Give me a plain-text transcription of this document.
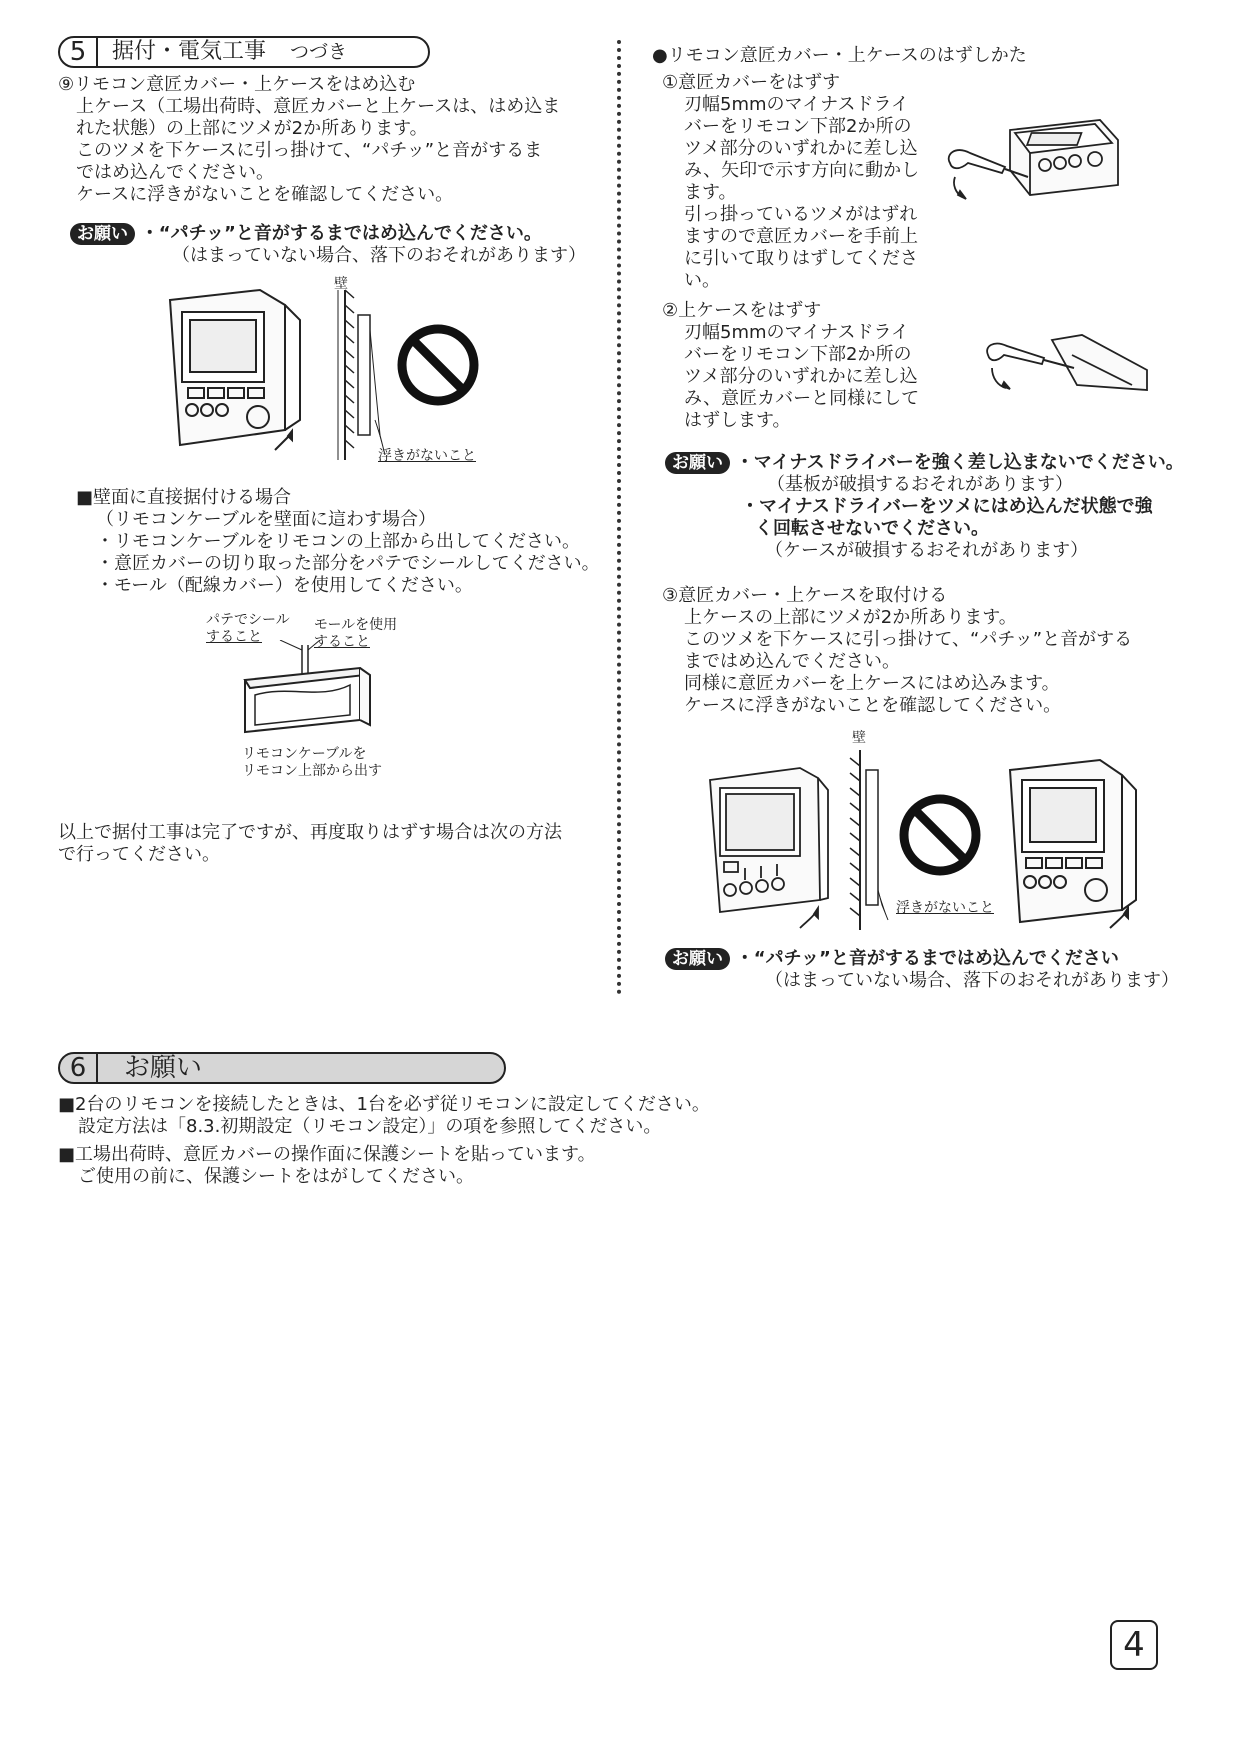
5	据付・電気工事 つづき
⑨リモコン意匠カバー・上ケースをはめ込む
上ケース（工場出荷時、意匠カバーと上ケースは、はめ込ま
れた状態）の上部にツメが2か所あります。
このツメを下ケースに引っ掛けて、“パチッ”と音がするま
ではめ込んでください。
ケースに浮きがないことを確認してください。
お願い ・“パチッ”と音がするまではめ込んでください。
（はまっていない場合、落下のおそれがあります）
壁
浮きがないこと
■壁面に直接据付ける場合
（リモコンケーブルを壁面に這わす場合）
・リモコンケーブルをリモコンの上部から出してください。
・意匠カバーの切り取った部分をパテでシールしてください。
・モール（配線カバー）を使用してください。
パテでシール
すること
モールを使用
すること
リモコンケーブルを
リモコン上部から出す
以上で据付工事は完了ですが、再度取りはずす場合は次の方法
で行ってください。
●リモコン意匠カバー・上ケースのはずしかた
①意匠カバーをはずす
刃幅5mmのマイナスドライ
バーをリモコン下部2か所の
ツメ部分のいずれかに差し込
み、矢印で示す方向に動かし
ます。
引っ掛っているツメがはずれ
ますので意匠カバーを手前上
に引いて取りはずしてくださ
い。
②上ケースをはずす
刃幅5mmのマイナスドライ
バーをリモコン下部2か所の
ツメ部分のいずれかに差し込
み、意匠カバーと同様にして
はずします。
お願い ・マイナスドライバーを強く差し込まないでください。
（基板が破損するおそれがあります）
・マイナスドライバーをツメにはめ込んだ状態で強
く回転させないでください。
（ケースが破損するおそれがあります）
③意匠カバー・上ケースを取付ける
上ケースの上部にツメが2か所あります。
このツメを下ケースに引っ掛けて、“パチッ”と音がする
まではめ込んでください。
同様に意匠カバーを上ケースにはめ込みます。
ケースに浮きがないことを確認してください。
壁
浮きがないこと
お願い ・“パチッ”と音がするまではめ込んでください
（はまっていない場合、落下のおそれがあります）
6	お願い
■2台のリモコンを接続したときは、1台を必ず従リモコンに設定してください。
設定方法は「8.3.初期設定（リモコン設定）」の項を参照してください。
■工場出荷時、意匠カバーの操作面に保護シートを貼っています。
ご使用の前に、保護シートをはがしてください。
4
